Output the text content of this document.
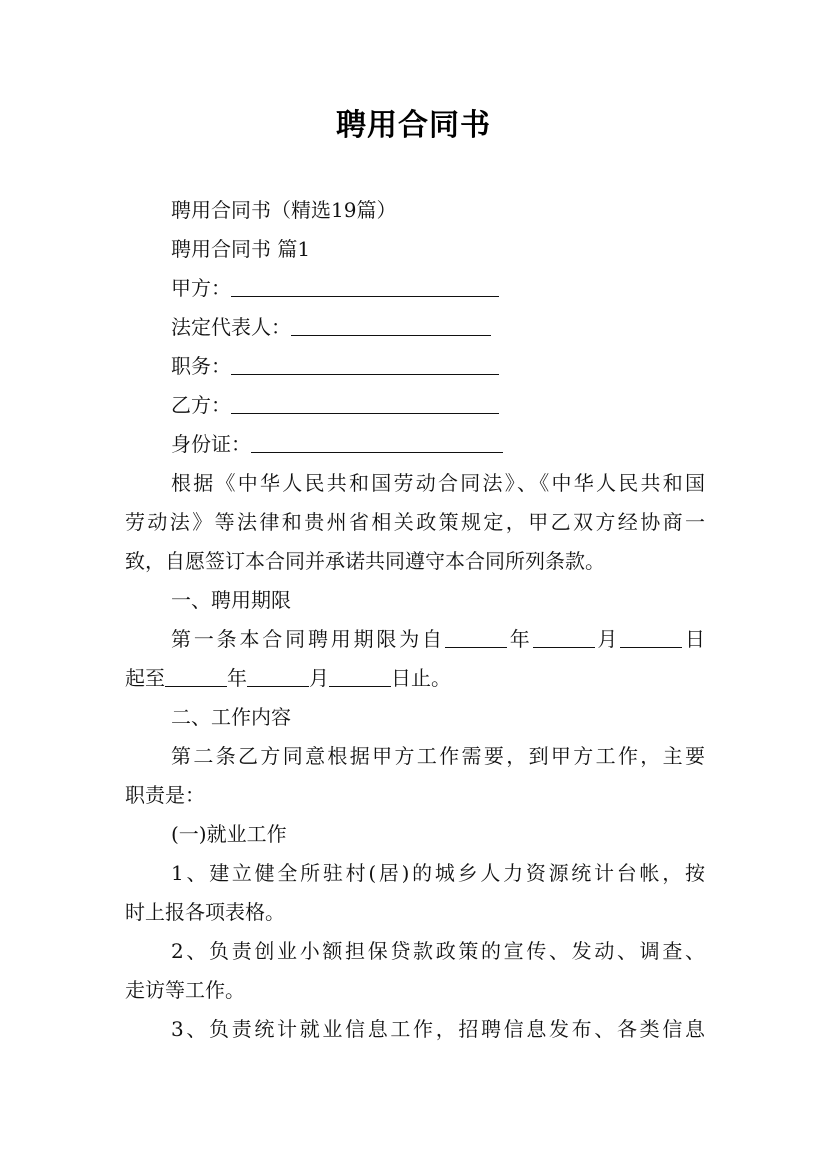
聘用合同书
聘用合同书（精选19篇）
聘用合同书 篇1
甲方：
法定代表人：
职务：
乙方：
身份证：
根据《中华人民共和国劳动合同法》、《中华人民共和国
劳动法》等法律和贵州省相关政策规定，甲乙双方经协商一
致，自愿签订本合同并承诺共同遵守本合同所列条款。
一、聘用期限
第一条本合同聘用期限为自	年	月	日
起至	年	月	日止。
二、工作内容
第二条乙方同意根据甲方工作需要，到甲方工作，主要
职责是：
(一)就业工作
1、建立健全所驻村(居)的城乡人力资源统计台帐，按
时上报各项表格。
2、负责创业小额担保贷款政策的宣传、发动、调查、
走访等工作。
3、负责统计就业信息工作，招聘信息发布、各类信息
